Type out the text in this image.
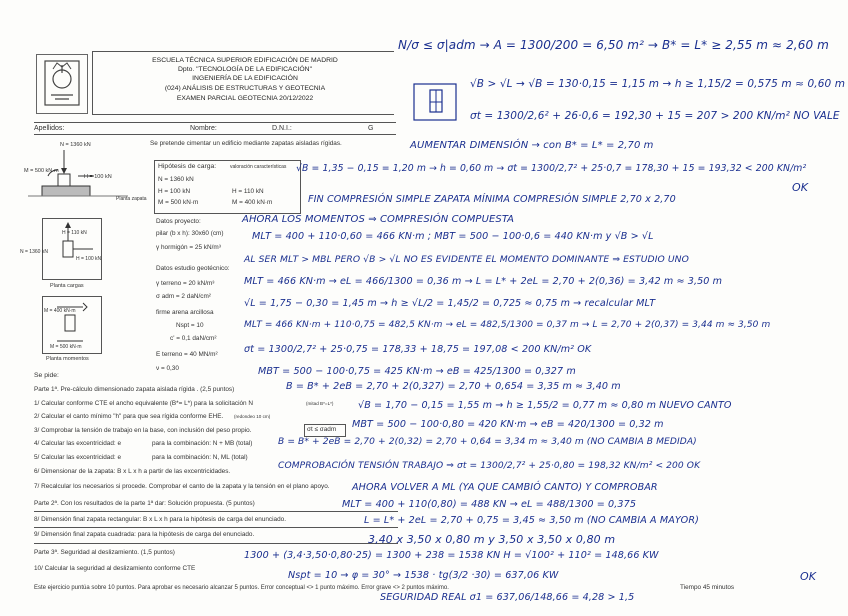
ESCUELA TÉCNICA SUPERIOR EDIFICACIÓN DE MADRID
Dpto. "TECNOLOGÍA DE LA EDIFICACIÓN"
INGENIERÍA DE LA EDIFICACIÓN
(024) ANÁLISIS DE ESTRUCTURAS Y GEOTECNIA
EXAMEN PARCIAL GEOTECNIA 20/12/2022
Apellidos:	Nombre:	D.N.I.:	G
Se pretende cimentar un edificio mediante zapatas aisladas rígidas.
N = 1360 kN
M = 500 kN·m
H = 100 kN
Planta zapata
H = 110 kN
N = 1360 kN
H = 100 kN
Planta cargas
M = 400 kN·m
M = 500 kN·m
Planta momentos
Hipótesis de carga:	valoración características
N = 1360 kN
H = 100 kN	H = 110 kN
M = 500 kN·m	M = 400 kN·m
Datos proyecto:
pilar (b x h): 30x60 (cm)
γ hormigón = 25 kN/m³
Datos estudio geotécnico:
γ terreno = 20 kN/m³
σ adm = 2 daN/cm²
firme arena arcillosa
Nspt = 10
c' = 0,1 daN/cm²
E terreno = 40 MN/m²
ν = 0,30
Se pide:
Parte 1ª. Pre-cálculo dimensionado zapata aislada rígida . (2,5 puntos)
1/ Calcular conforme CTE el ancho equivalente (B*= L*) para la solicitación N	(mitad B*=L*)
2/ Calcular el canto mínimo "h" para que sea rígida conforme EHE. (redondeo 10 cm)
3/ Comprobar la tensión de trabajo en la base, con inclusión del peso propio.	σt ≤ σadm
4/ Calcular las excentricidad: e	para la combinación: N + MB (total)
5/ Calcular las excentricidad: e	para la combinación: N, ML (total)
6/ Dimensionar de la zapata: B x L x h a partir de las excentricidades.
7/ Recalcular los necesarios si procede. Comprobar el canto de la zapata y la tensión en el plano apoyo.
Parte 2ª. Con los resultados de la parte 1ª dar: Solución propuesta. (5 puntos)
8/ Dimensión final zapata rectangular: B x L x h para la hipótesis de carga del enunciado.
9/ Dimensión final zapata cuadrada: para la hipótesis de carga del enunciado.
Parte 3ª. Seguridad al deslizamiento. (1,5 puntos)
10/ Calcular la seguridad al deslizamiento conforme CTE
Este ejercicio puntúa sobre 10 puntos. Para aprobar es necesario alcanzar 5 puntos. Error conceptual <> 1 punto máximo. Error grave <> 2 puntos máximo.	Tiempo 45 minutos
N/σ ≤ σ|adm → A = 1300/200 = 6,50 m² → B* = L* ≥ 2,55 m ≈ 2,60 m
√B > √L → √B = 130·0,15 = 1,15 m → h ≥ 1,15/2 = 0,575 m ≈ 0,60 m
σt = 1300/2,6² + 26·0,6 = 192,30 + 15 = 207 > 200 KN/m² NO VALE
AUMENTAR DIMENSIÓN → con B* = L* = 2,70 m
√B = 1,35 − 0,15 = 1,20 m → h = 0,60 m → σt = 1300/2,7² + 25·0,7 = 178,30 + 15 = 193,32 < 200 KN/m²
OK
FIN COMPRESIÓN SIMPLE ZAPATA MÍNIMA COMPRESIÓN SIMPLE 2,70 x 2,70
AHORA LOS MOMENTOS ⇒ COMPRESIÓN COMPUESTA
MLT = 400 + 110·0,60 = 466 KN·m ; MBT = 500 − 100·0,6 = 440 KN·m y √B > √L
AL SER MLT > MBL PERO √B > √L NO ES EVIDENTE EL MOMENTO DOMINANTE ⇒ ESTUDIO UNO
MLT = 466 KN·m → eL = 466/1300 = 0,36 m → L = L* + 2eL = 2,70 + 2(0,36) = 3,42 m ≈ 3,50 m
√L = 1,75 − 0,30 = 1,45 m → h ≥ √L/2 = 1,45/2 = 0,725 ≈ 0,75 m → recalcular MLT
MLT = 466 KN·m + 110·0,75 = 482,5 KN·m → eL = 482,5/1300 = 0,37 m → L = 2,70 + 2(0,37) = 3,44 m ≈ 3,50 m
σt = 1300/2,7² + 25·0,75 = 178,33 + 18,75 = 197,08 < 200 KN/m² OK
MBT = 500 − 100·0,75 = 425 KN·m → eB = 425/1300 = 0,327 m
B = B* + 2eB = 2,70 + 2(0,327) = 2,70 + 0,654 = 3,35 m ≈ 3,40 m
√B = 1,70 − 0,15 = 1,55 m → h ≥ 1,55/2 = 0,77 m ≈ 0,80 m NUEVO CANTO
MBT = 500 − 100·0,80 = 420 KN·m → eB = 420/1300 = 0,32 m
B = B* + 2eB = 2,70 + 2(0,32) = 2,70 + 0,64 = 3,34 m ≈ 3,40 m (NO CAMBIA B MEDIDA)
COMPROBACIÓN TENSIÓN TRABAJO ⇒ σt = 1300/2,7² + 25·0,80 = 198,32 KN/m² < 200 OK
AHORA VOLVER A ML (YA QUE CAMBIÓ CANTO) Y COMPROBAR
MLT = 400 + 110(0,80) = 488 KN → eL = 488/1300 = 0,375
L = L* + 2eL = 2,70 + 0,75 = 3,45 ≈ 3,50 m (NO CAMBIA A MAYOR)
3,40 x 3,50 x 0,80 m y 3,50 x 3,50 x 0,80 m
1300 + (3,4·3,50·0,80·25) = 1300 + 238 = 1538 KN H = √100² + 110² = 148,66 KW
Nspt = 10 → φ = 30° → 1538 · tg(3/2 ·30) = 637,06 KW
SEGURIDAD REAL σ1 = 637,06/148,66 = 4,28 > 1,5
OK
